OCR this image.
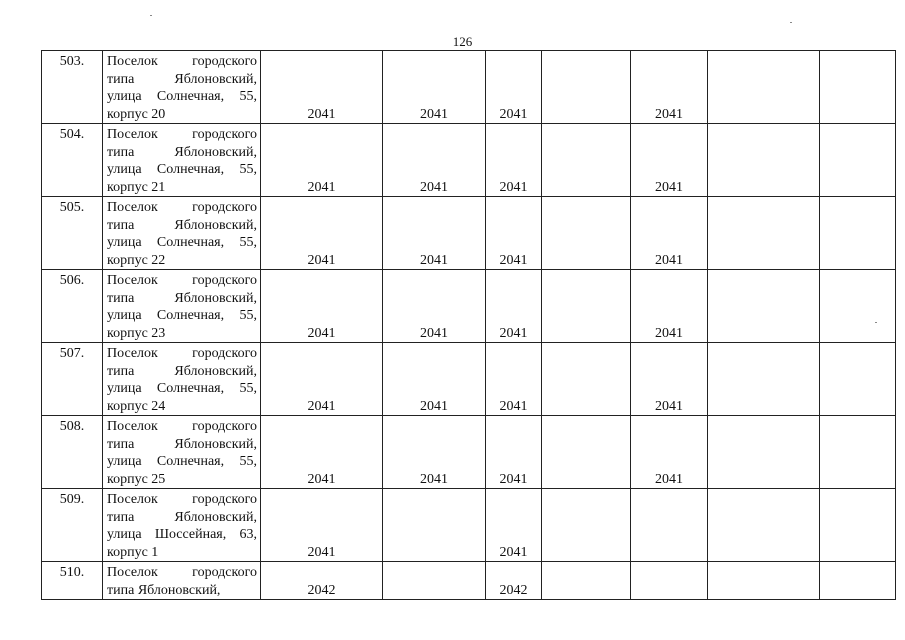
126
503.	Поселок городского
типа Яблоновский,
улица Солнечная, 55,
корпус 20	2041	2041	2041		2041		

504.	Поселок городского
типа Яблоновский,
улица Солнечная, 55,
корпус 21	2041	2041	2041		2041		

505.	Поселок городского
типа Яблоновский,
улица Солнечная, 55,
корпус 22	2041	2041	2041		2041		

506.	Поселок городского
типа Яблоновский,
улица Солнечная, 55,
корпус 23	2041	2041	2041		2041		

507.	Поселок городского
типа Яблоновский,
улица Солнечная, 55,
корпус 24	2041	2041	2041		2041		

508.	Поселок городского
типа Яблоновский,
улица Солнечная, 55,
корпус 25	2041	2041	2041		2041		

509.	Поселок городского
типа Яблоновский,
улица Шоссейная, 63,
корпус 1	2041		2041				

510.	Поселок городского
типа Яблоновский,	2042		2042				
